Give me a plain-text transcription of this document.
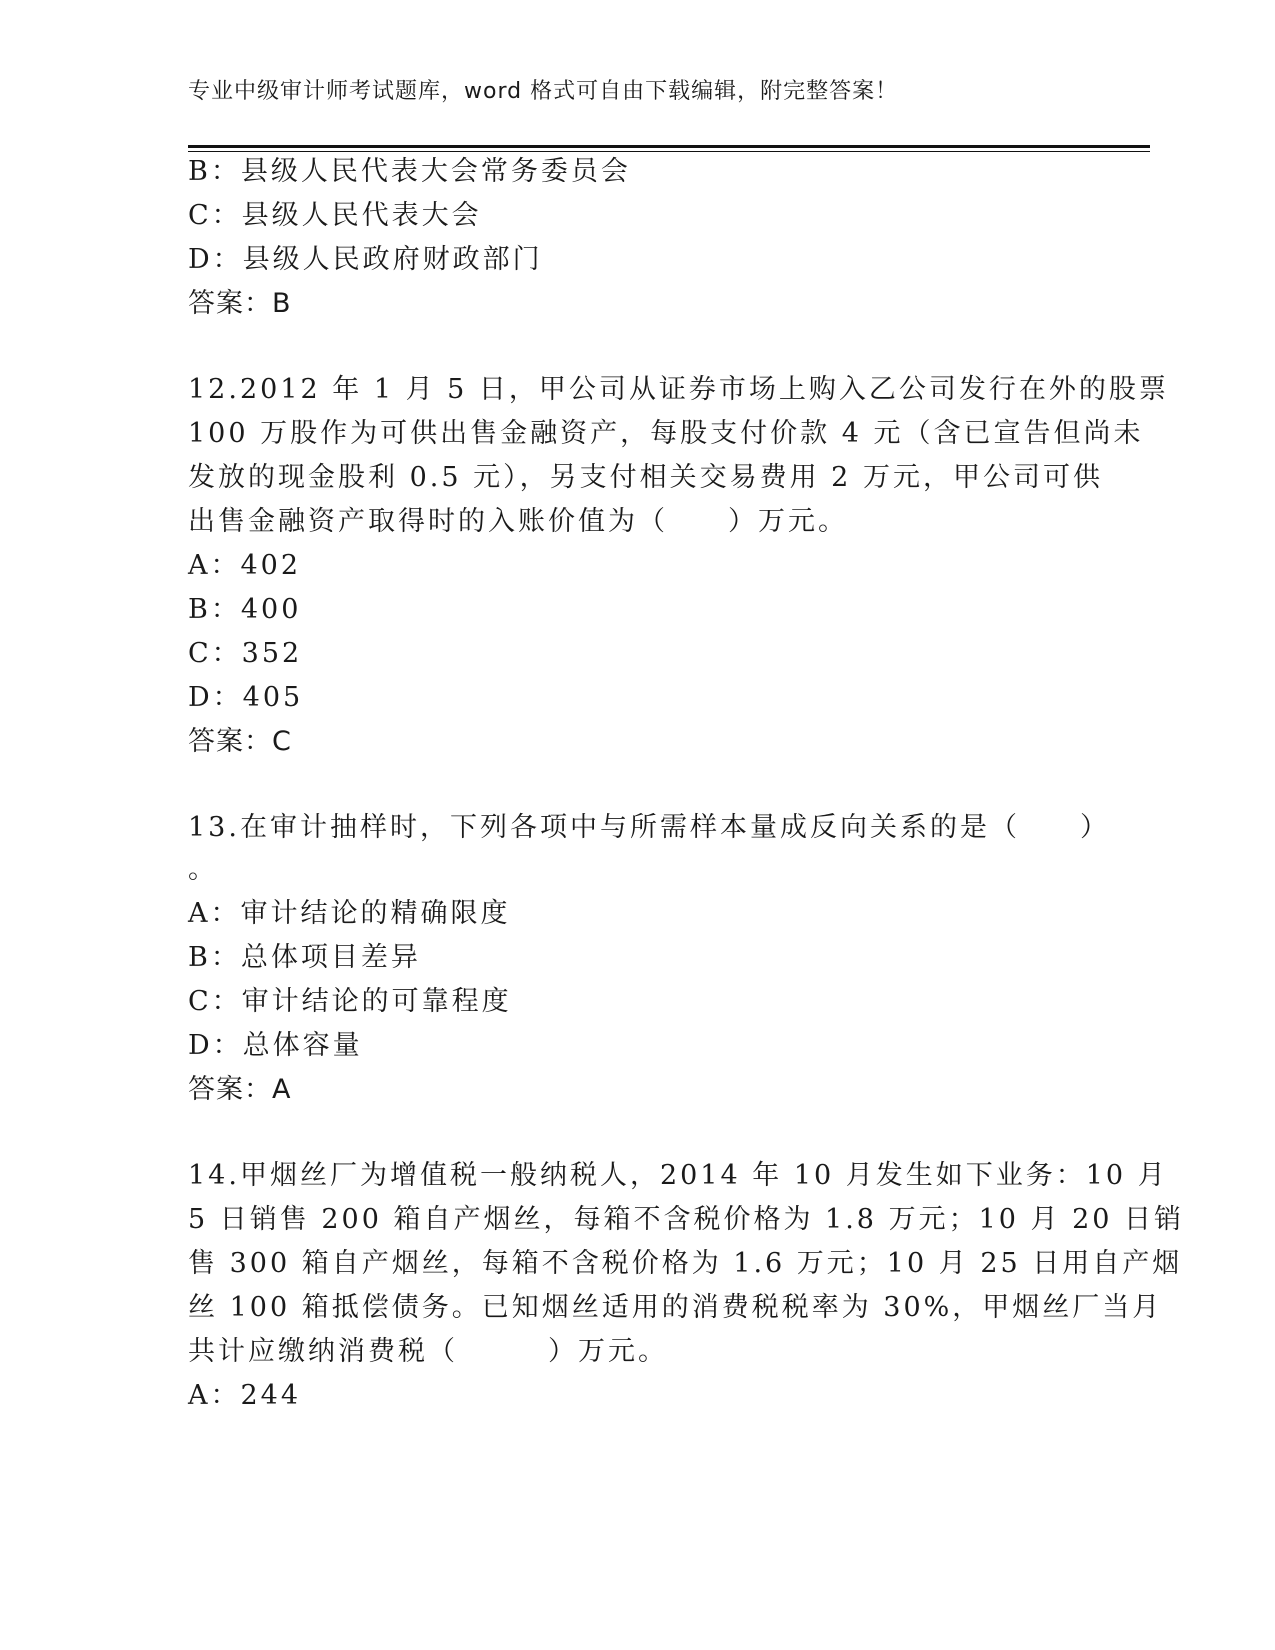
专业中级审计师考试题库，word 格式可自由下载编辑，附完整答案！
B：县级人民代表大会常务委员会
C：县级人民代表大会
D：县级人民政府财政部门
答案：B
12.2012 年 1 月 5 日，甲公司从证券市场上购入乙公司发行在外的股票
100 万股作为可供出售金融资产，每股支付价款 4 元（含已宣告但尚未
发放的现金股利 0.5 元），另支付相关交易费用 2 万元，甲公司可供
出售金融资产取得时的入账价值为（　　）万元。
A：402
B：400
C：352
D：405
答案：C
13.在审计抽样时，下列各项中与所需样本量成反向关系的是（　　）
。
A：审计结论的精确限度
B：总体项目差异
C：审计结论的可靠程度
D：总体容量
答案：A
14.甲烟丝厂为增值税一般纳税人，2014 年 10 月发生如下业务：10 月
5 日销售 200 箱自产烟丝，每箱不含税价格为 1.8 万元；10 月 20 日销
售 300 箱自产烟丝，每箱不含税价格为 1.6 万元；10 月 25 日用自产烟
丝 100 箱抵偿债务。已知烟丝适用的消费税税率为 30%，甲烟丝厂当月
共计应缴纳消费税（　　　）万元。
A：244
